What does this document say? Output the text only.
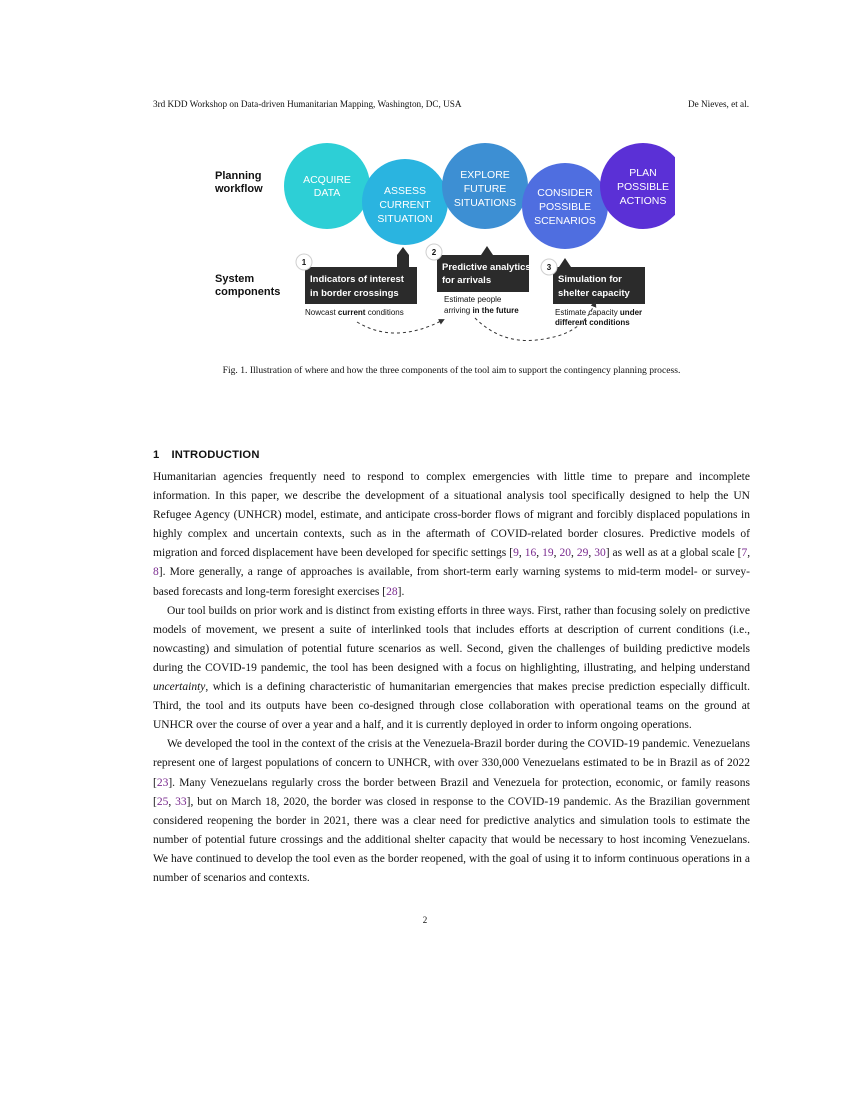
3rd KDD Workshop on Data-driven Humanitarian Mapping, Washington, DC, USA	De Nieves, et al.
Planning
workflow
System
components
ACQUIRE
DATA	ASSESS
CURRENT
SITUATION
EXPLORE
FUTURE
SITUATIONS
CONSIDER
POSSIBLE
SCENARIOS
PLAN
POSSIBLE
ACTIONS
Indicators of interest
in border crossings
Predictive analytics
for arrivals	Simulation for
shelter capacity
1
2
3
Nowcast current conditions
Estimate people
arriving in the future	Estimate capacity under
different conditions
Fig. 1. Illustration of where and how the three components of the tool aim to support the contingency planning process.
1 INTRODUCTION

Humanitarian agencies frequently need to respond to complex emergencies with little time to prepare and incomplete information. In this paper, we describe the development of a situational analysis tool specifically designed to help the UN Refugee Agency (UNHCR) model, estimate, and anticipate cross-border flows of migrant and forcibly displaced populations in highly complex and uncertain contexts, such as in the aftermath of COVID-related border closures. Predictive models of migration and forced displacement have been developed for specific settings [9, 16, 19, 20, 29, 30] as well as at a global scale [7, 8]. More generally, a range of approaches is available, from short-term early warning systems to mid-term model- or survey-based forecasts and long-term foresight exercises [28].

Our tool builds on prior work and is distinct from existing efforts in three ways. First, rather than focusing solely on predictive models of movement, we present a suite of interlinked tools that includes efforts at description of current conditions (i.e., nowcasting) and simulation of potential future scenarios as well. Second, given the challenges of building predictive models during the COVID-19 pandemic, the tool has been designed with a focus on highlighting, illustrating, and helping understand uncertainty, which is a defining characteristic of humanitarian emergencies that makes precise prediction especially difficult. Third, the tool and its outputs have been co-designed through close collaboration with operational teams on the ground at UNHCR over the course of over a year and a half, and it is currently deployed in order to inform ongoing operations.

We developed the tool in the context of the crisis at the Venezuela-Brazil border during the COVID-19 pandemic. Venezuelans represent one of largest populations of concern to UNHCR, with over 330,000 Venezuelans estimated to be in Brazil as of 2022 [23]. Many Venezuelans regularly cross the border between Brazil and Venezuela for protection, economic, or family reasons [25, 33], but on March 18, 2020, the border was closed in response to the COVID-19 pandemic. As the Brazilian government considered reopening the border in 2021, there was a clear need for predictive analytics and simulation tools to estimate the number of potential future crossings and the additional shelter capacity that would be necessary to host incoming Venezuelans. We have continued to develop the tool even as the border reopened, with the goal of using it to inform continuous operations in a number of scenarios and contexts.

2
